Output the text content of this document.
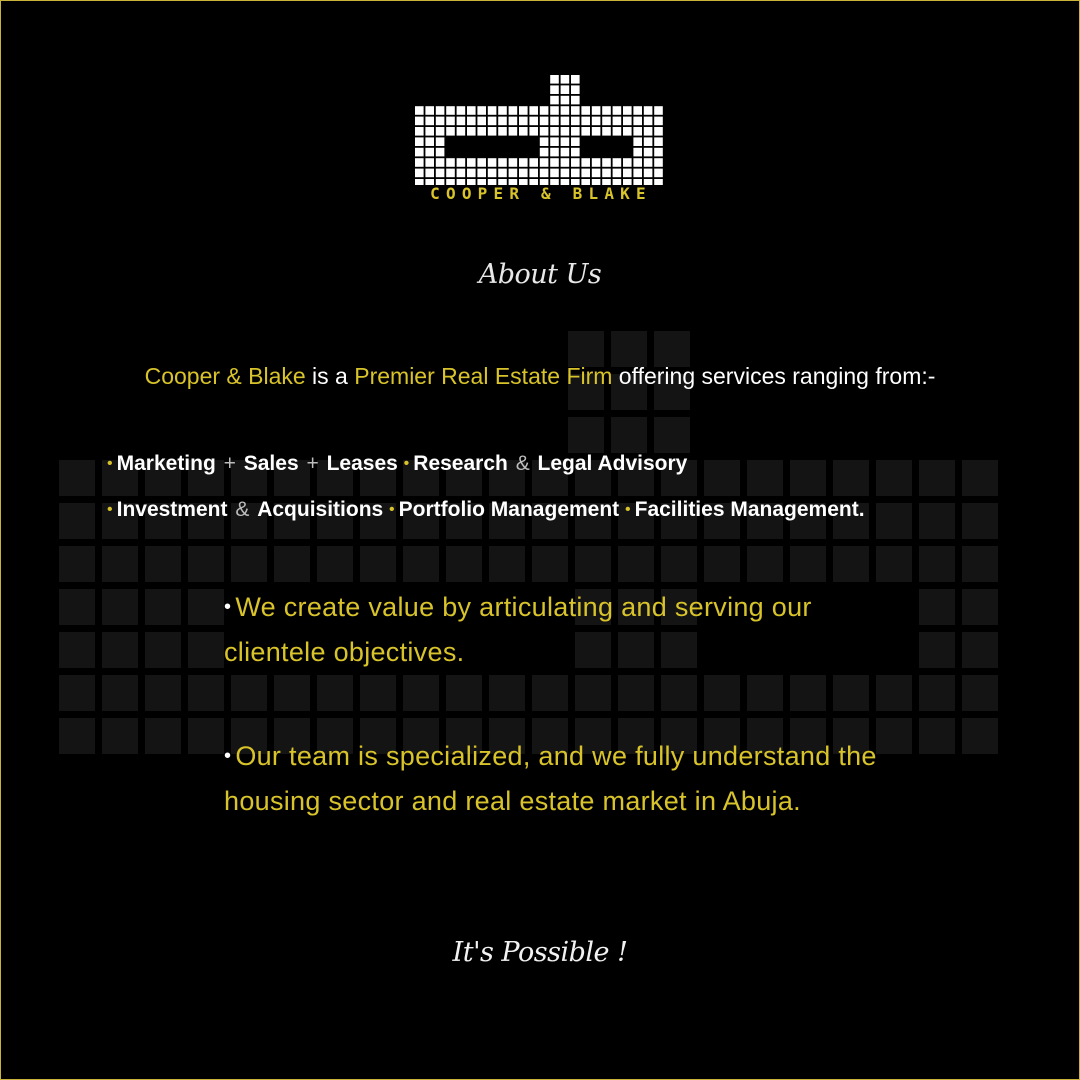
COOPER & BLAKE
About Us
Cooper & Blake is a Premier Real Estate Firm offering services ranging from:-
• Marketing + Sales + Leases • Research & Legal Advisory
• Investment & Acquisitions • Portfolio Management • Facilities Management.
• We create value by articulating and serving our clientele objectives.
• Our team is specialized, and we fully understand the housing sector and real estate market in Abuja.
It's Possible !
